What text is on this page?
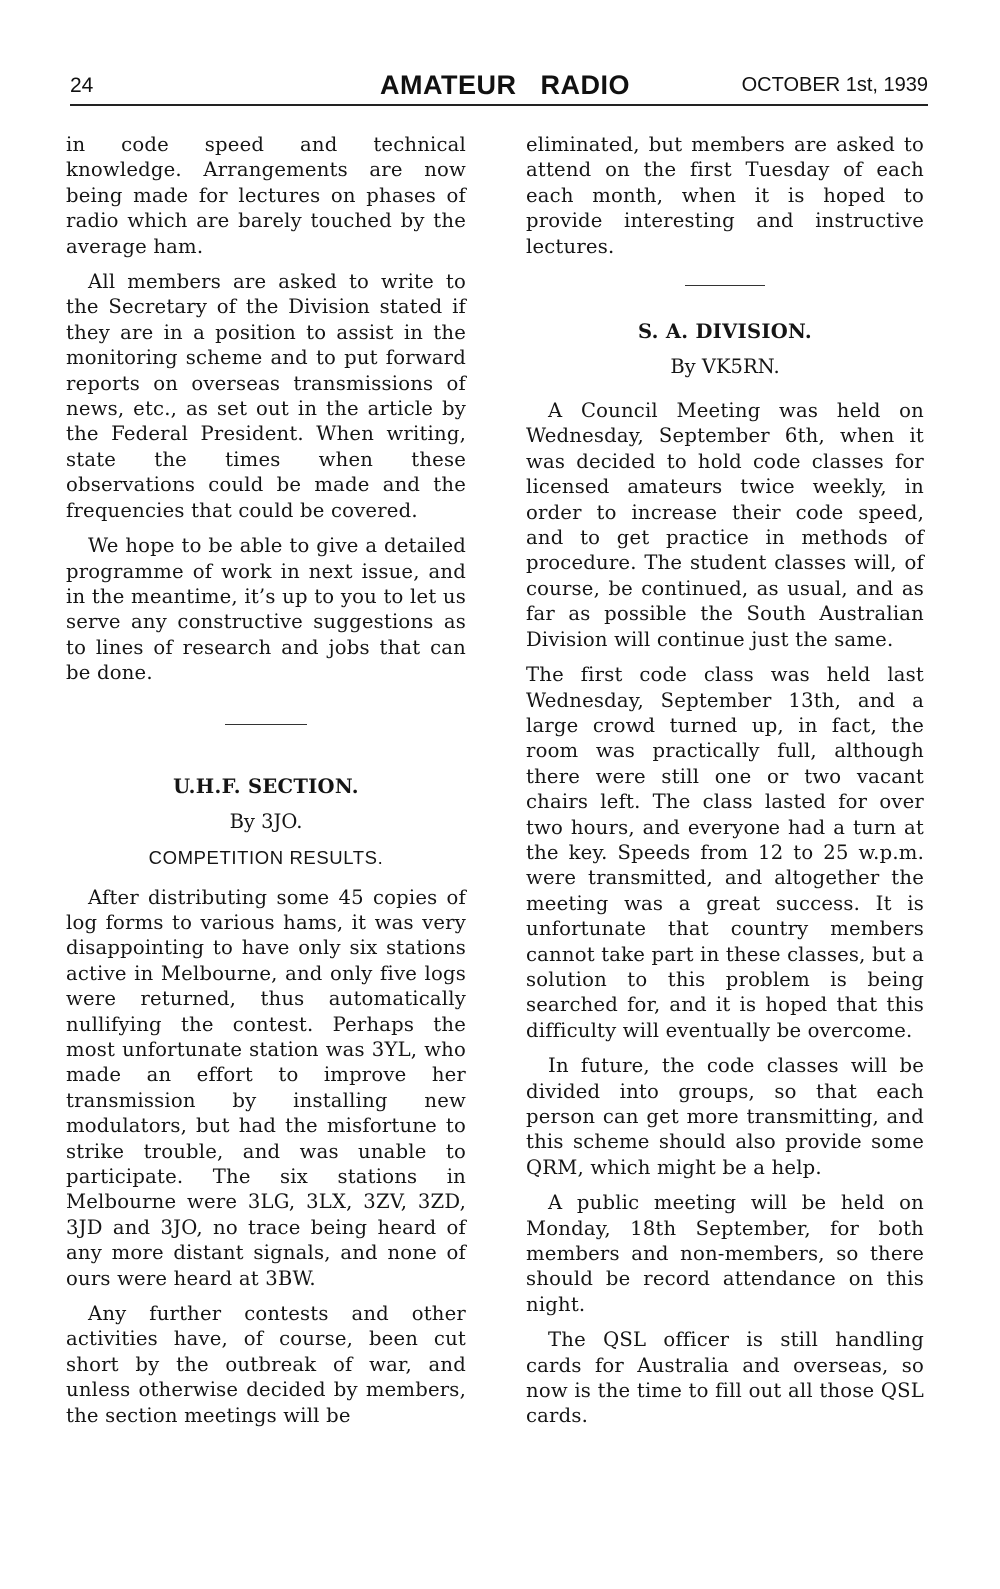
24	AMATEUR RADIO	OCTOBER 1st, 1939

in code speed and technical knowledge. Arrangements are now being made for lectures on phases of radio which are barely touched by the average ham.

All members are asked to write to the Secretary of the Division stated if they are in a position to assist in the monitoring scheme and to put forward reports on overseas transmissions of news, etc., as set out in the article by the Federal President. When writing, state the times when these observations could be made and the frequencies that could be covered.

We hope to be able to give a detailed programme of work in next issue, and in the meantime, it’s up to you to let us serve any constructive suggestions as to lines of research and jobs that can be done.

U.H.F. SECTION.

By 3JO.

COMPETITION RESULTS.

After distributing some 45 copies of log forms to various hams, it was very disappointing to have only six stations active in Melbourne, and only five logs were returned, thus automatically nullifying the contest. Perhaps the most unfortunate station was 3YL, who made an effort to improve her transmission by installing new modulators, but had the misfortune to strike trouble, and was unable to participate. The six stations in Melbourne were 3LG, 3LX, 3ZV, 3ZD, 3JD and 3JO, no trace being heard of any more distant signals, and none of ours were heard at 3BW.

Any further contests and other activities have, of course, been cut short by the outbreak of war, and unless otherwise decided by members, the section meetings will be

eliminated, but members are asked to attend on the first Tuesday of each each month, when it is hoped to provide interesting and instructive lectures.

S. A. DIVISION.

By VK5RN.

A Council Meeting was held on Wednesday, September 6th, when it was decided to hold code classes for licensed amateurs twice weekly, in order to increase their code speed, and to get practice in methods of procedure. The student classes will, of course, be continued, as usual, and as far as possible the South Australian Division will continue just the same.

The first code class was held last Wednesday, September 13th, and a large crowd turned up, in fact, the room was practically full, although there were still one or two vacant chairs left. The class lasted for over two hours, and everyone had a turn at the key. Speeds from 12 to 25 w.p.m. were transmitted, and altogether the meeting was a great success. It is unfortunate that country members cannot take part in these classes, but a solution to this problem is being searched for, and it is hoped that this difficulty will eventually be overcome.

In future, the code classes will be divided into groups, so that each person can get more transmitting, and this scheme should also provide some QRM, which might be a help.

A public meeting will be held on Monday, 18th September, for both members and non-members, so there should be record attendance on this night.

The QSL officer is still handling cards for Australia and overseas, so now is the time to fill out all those QSL cards.
